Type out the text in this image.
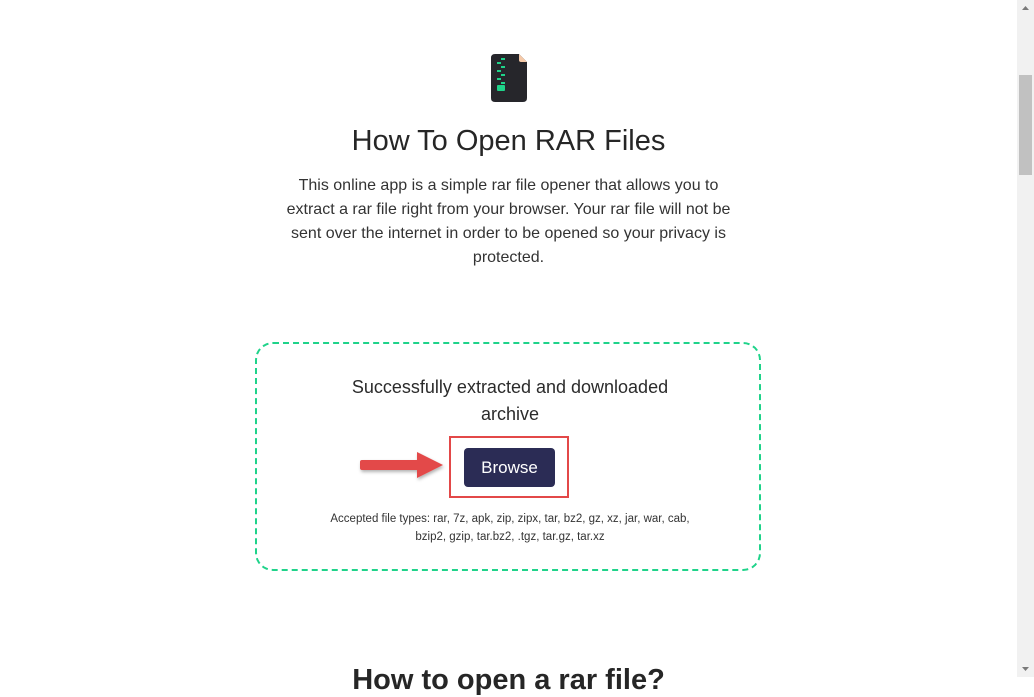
How To Open RAR Files

This online app is a simple rar file opener that allows you to extract a rar file right from your browser. Your rar file will not be sent over the internet in order to be opened so your privacy is protected.

Successfully extracted and downloaded archive

Browse

Accepted file types: rar, 7z, apk, zip, zipx, tar, bz2, gz, xz, jar, war, cab, bzip2, gzip, tar.bz2, .tgz, tar.gz, tar.xz

How to open a rar file?
